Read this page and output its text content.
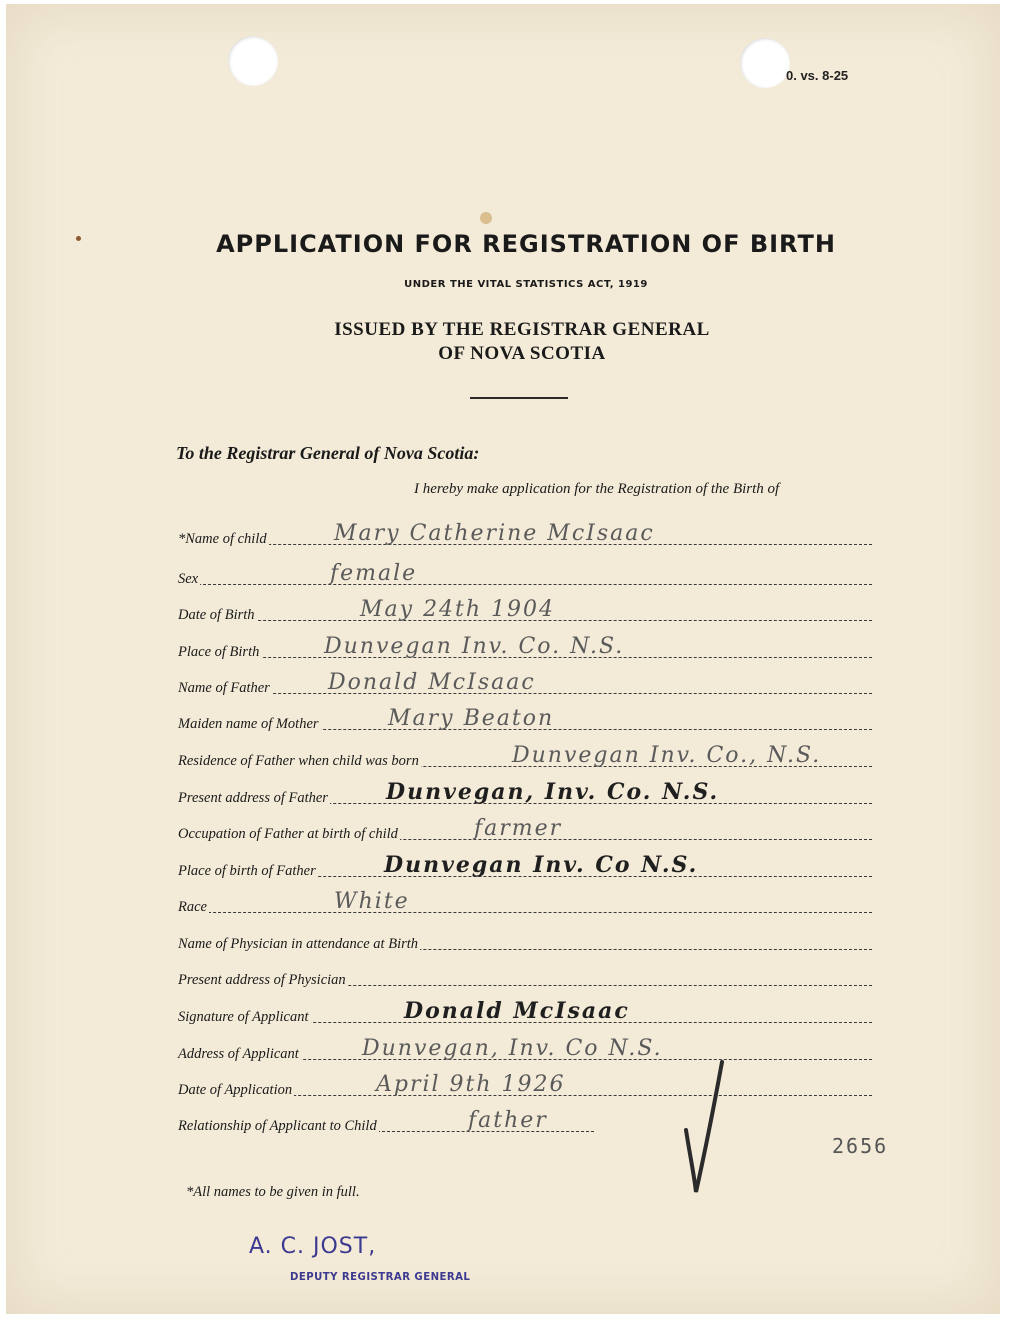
0. vs. 8-25
APPLICATION FOR REGISTRATION OF BIRTH
UNDER THE VITAL STATISTICS ACT, 1919
ISSUED BY THE REGISTRAR GENERAL
OF NOVA SCOTIA
To the Registrar General of Nova Scotia:
I hereby make application for the Registration of the Birth of
*Name of child	Mary Catherine McIsaac
Sex	female
Date of Birth	May 24th 1904
Place of Birth	Dunvegan Inv. Co. N.S.
Name of Father	Donald McIsaac
Maiden name of Mother	Mary Beaton
Residence of Father when child was born	Dunvegan Inv. Co., N.S.
Present address of Father	Dunvegan, Inv. Co. N.S.
Occupation of Father at birth of child	farmer
Place of birth of Father	Dunvegan Inv. Co N.S.
Race	White
Name of Physician in attendance at Birth
Present address of Physician
Signature of Applicant	Donald McIsaac
Address of Applicant	Dunvegan, Inv. Co N.S.
Date of Application	April 9th 1926
Relationship of Applicant to Child	father
2656
*All names to be given in full.
A. C. JOST,
DEPUTY REGISTRAR GENERAL
